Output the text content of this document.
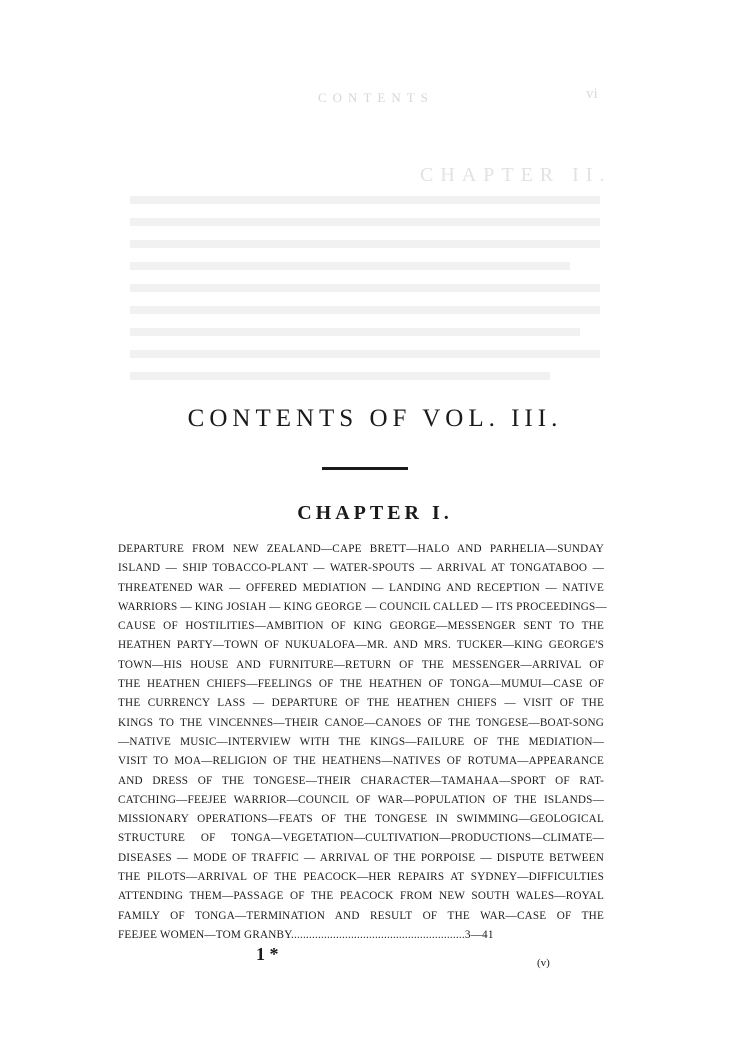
CONTENTS	vi
CHAPTER II.
CONTENTS OF VOL. III.
CHAPTER I.
DEPARTURE FROM NEW ZEALAND—CAPE BRETT—HALO AND PARHELIA—SUNDAY
ISLAND — SHIP TOBACCO-PLANT — WATER-SPOUTS — ARRIVAL AT TONGATABOO —
THREATENED WAR — OFFERED MEDIATION — LANDING AND RECEPTION — NATIVE
WARRIORS — KING JOSIAH — KING GEORGE — COUNCIL CALLED — ITS PROCEEDINGS—
CAUSE OF HOSTILITIES—AMBITION OF KING GEORGE—MESSENGER SENT TO THE
HEATHEN PARTY—TOWN OF NUKUALOFA—MR. AND MRS. TUCKER—KING GEORGE'S
TOWN—HIS HOUSE AND FURNITURE—RETURN OF THE MESSENGER—ARRIVAL OF
THE HEATHEN CHIEFS—FEELINGS OF THE HEATHEN OF TONGA—MUMUI—CASE OF
THE CURRENCY LASS — DEPARTURE OF THE HEATHEN CHIEFS — VISIT OF THE
KINGS TO THE VINCENNES—THEIR CANOE—CANOES OF THE TONGESE—BOAT-SONG
—NATIVE MUSIC—INTERVIEW WITH THE KINGS—FAILURE OF THE MEDIATION—
VISIT TO MOA—RELIGION OF THE HEATHENS—NATIVES OF ROTUMA—APPEARANCE
AND DRESS OF THE TONGESE—THEIR CHARACTER—TAMAHAA—SPORT OF RAT-
CATCHING—FEEJEE WARRIOR—COUNCIL OF WAR—POPULATION OF THE ISLANDS—
MISSIONARY OPERATIONS—FEATS OF THE TONGESE IN SWIMMING—GEOLOGICAL
STRUCTURE OF TONGA—VEGETATION—CULTIVATION—PRODUCTIONS—CLIMATE—
DISEASES — MODE OF TRAFFIC — ARRIVAL OF THE PORPOISE — DISPUTE BETWEEN
THE PILOTS—ARRIVAL OF THE PEACOCK—HER REPAIRS AT SYDNEY—DIFFICULTIES
ATTENDING THEM—PASSAGE OF THE PEACOCK FROM NEW SOUTH WALES—ROYAL
FAMILY OF TONGA—TERMINATION AND RESULT OF THE WAR—CASE OF THE
FEEJEE WOMEN—TOM GRANBY..........................................................3—41
1 *	(v)
